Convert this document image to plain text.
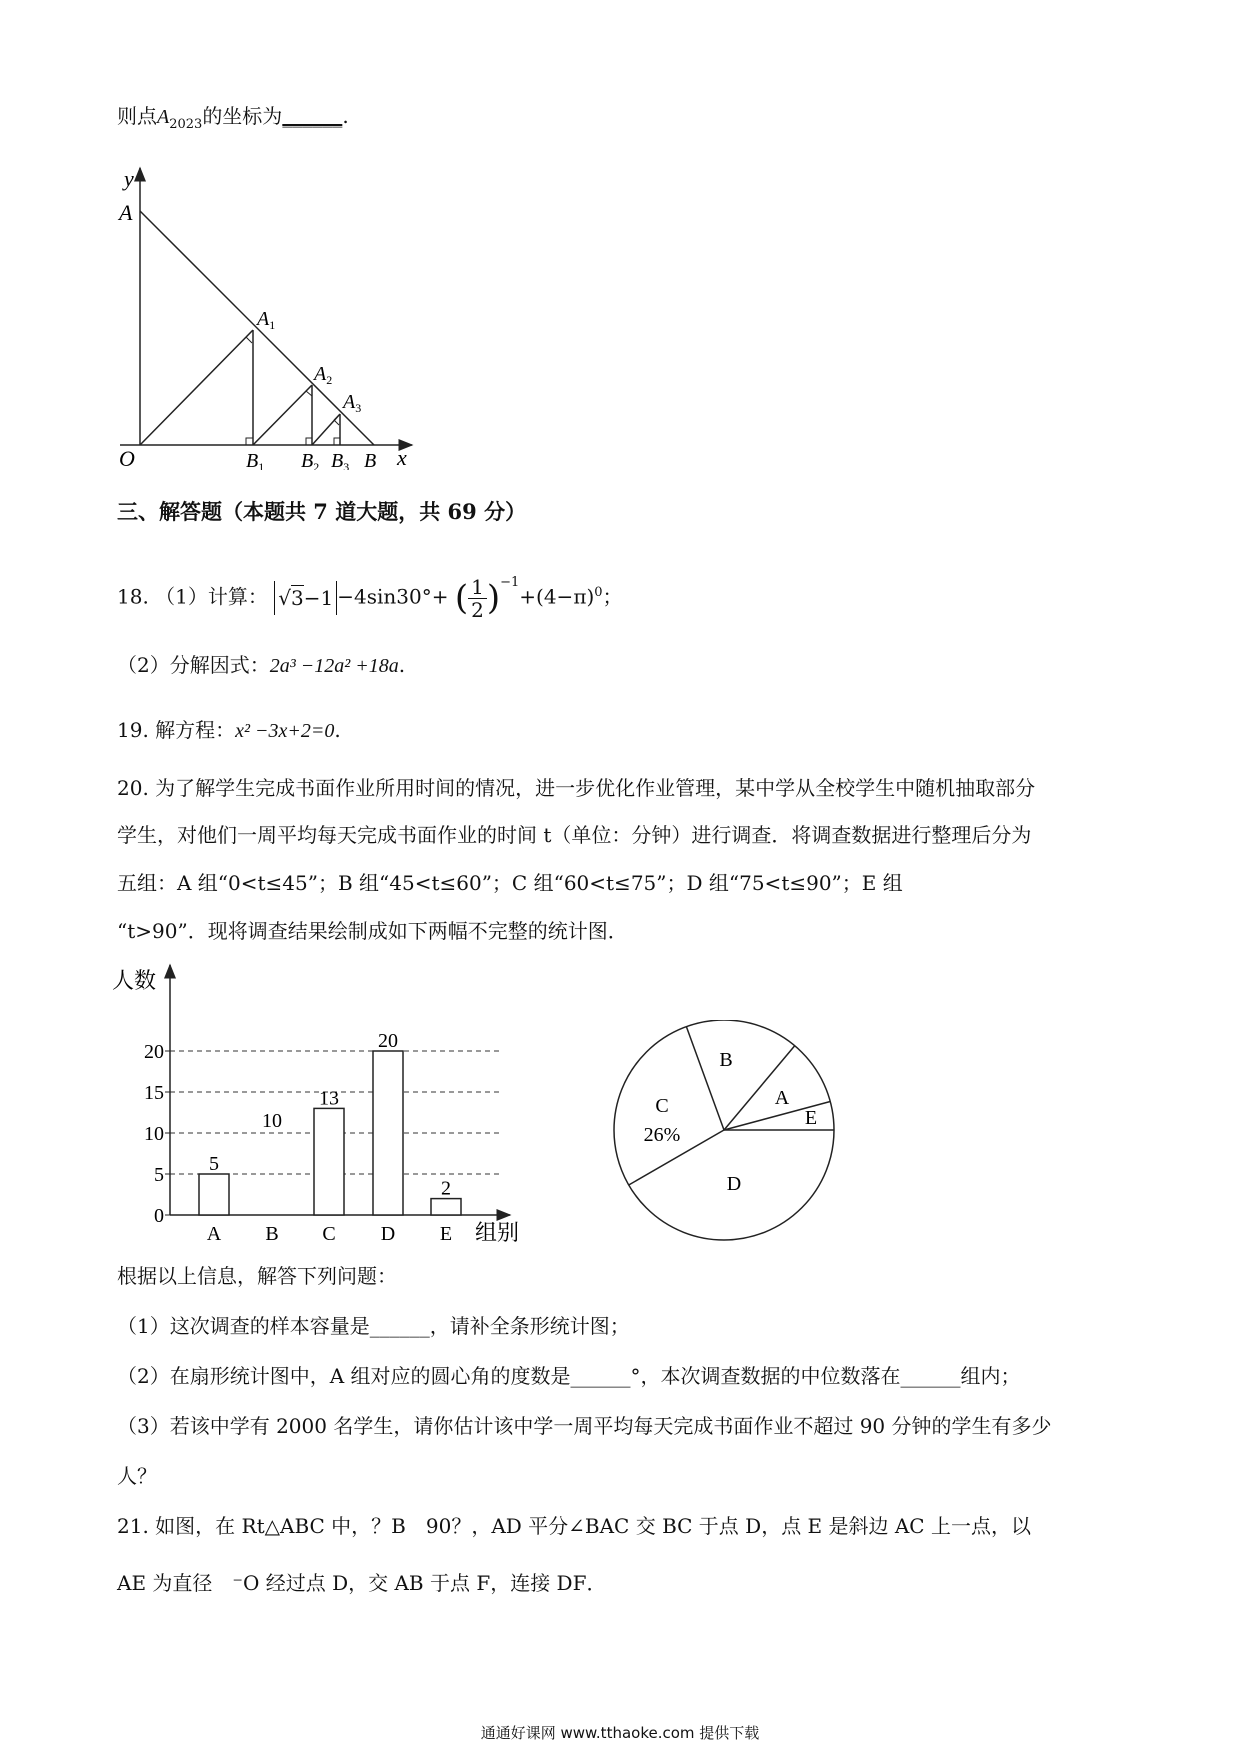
则点$A_{2023}$的坐标为______.
y
A
$A_1$
$A_2$
$A_3$
O	$B_1$ $B_2$ $B_3$ B x
三、解答题（本题共 7 道大题，共 69 分）
18. （1）计算： √3−1 −4sin30°+ ( $\frac{1}{2} )^{-1}+(4-\pi)^0$；
（2）分解因式：2a³ −12a² +18a.
19. 解方程：x² −3x+2=0.
20. 为了解学生完成书面作业所用时间的情况，进一步优化作业管理，某中学从全校学生中随机抽取部分
学生，对他们一周平均每天完成书面作业的时间 t（单位：分钟）进行调查．将调查数据进行整理后分为
五组：A 组“0<t≤45”；B 组“45<t≤60”；C 组“60<t≤75”；D 组“75<t≤90”；E 组
“t>90”．现将调查结果绘制成如下两幅不完整的统计图．
0
5
10
15
20
人数
组别
5
A
10
B
13
C
20
D
2
E
A
B
C
D
E
26%
根据以上信息，解答下列问题：
（1）这次调查的样本容量是______，请补全条形统计图；
（2）在扇形统计图中，A 组对应的圆心角的度数是______°，本次调查数据的中位数落在______组内；
（3）若该中学有 2000 名学生，请你估计该中学一周平均每天完成书面作业不超过 90 分钟的学生有多少
人？
21. 如图，在 Rt△ABC 中，？B　90？，AD 平分∠BAC 交 BC 于点 D，点 E 是斜边 AC 上一点，以
AE 为直径　⁻O 经过点 D，交 AB 于点 F，连接 DF．
通通好课网 www.tthaoke.com 提供下载
